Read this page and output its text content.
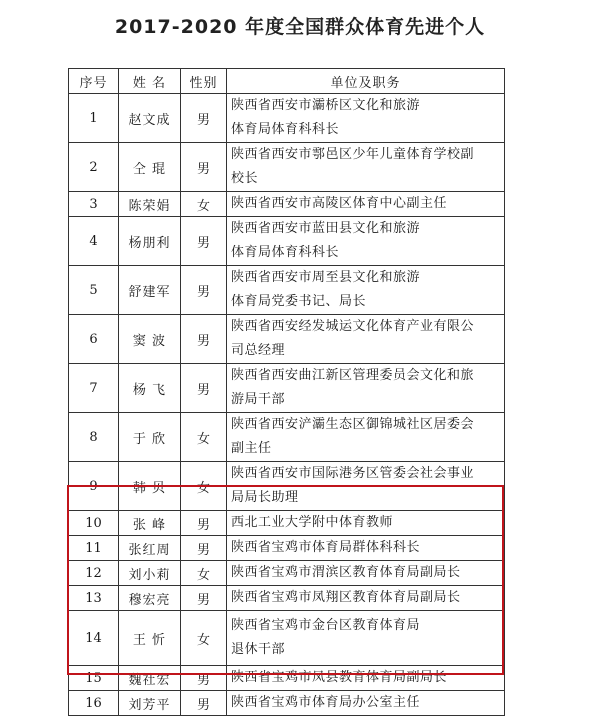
2017-2020 年度全国群众体育先进个人
序号	姓 名	性别	单位及职务
1	赵文成	男	陕西省西安市灞桥区文化和旅游
体育局体育科科长

2	仝 琨	男	陕西省西安市鄠邑区少年儿童体育学校副
校长

3	陈荣娟	女	陕西省西安市高陵区体育中心副主任

4	杨朋利	男	陕西省西安市蓝田县文化和旅游
体育局体育科科长

5	舒建军	男	陕西省西安市周至县文化和旅游
体育局党委书记、局长

6	窦 波	男	陕西省西安经发城运文化体育产业有限公
司总经理

7	杨 飞	男	陕西省西安曲江新区管理委员会文化和旅
游局干部

8	于 欣	女	陕西省西安浐灞生态区御锦城社区居委会
副主任

9	韩 贝	女	陕西省西安市国际港务区管委会社会事业
局局长助理

10	张 峰	男	西北工业大学附中体育教师

11	张红周	男	陕西省宝鸡市体育局群体科科长

12	刘小莉	女	陕西省宝鸡市渭滨区教育体育局副局长

13	穆宏亮	男	陕西省宝鸡市凤翔区教育体育局副局长

14	王 忻	女	陕西省宝鸡市金台区教育体育局
退休干部

15	魏社宏	男	陕西省宝鸡市凤县教育体育局副局长

16	刘芳平	男	陕西省宝鸡市体育局办公室主任
